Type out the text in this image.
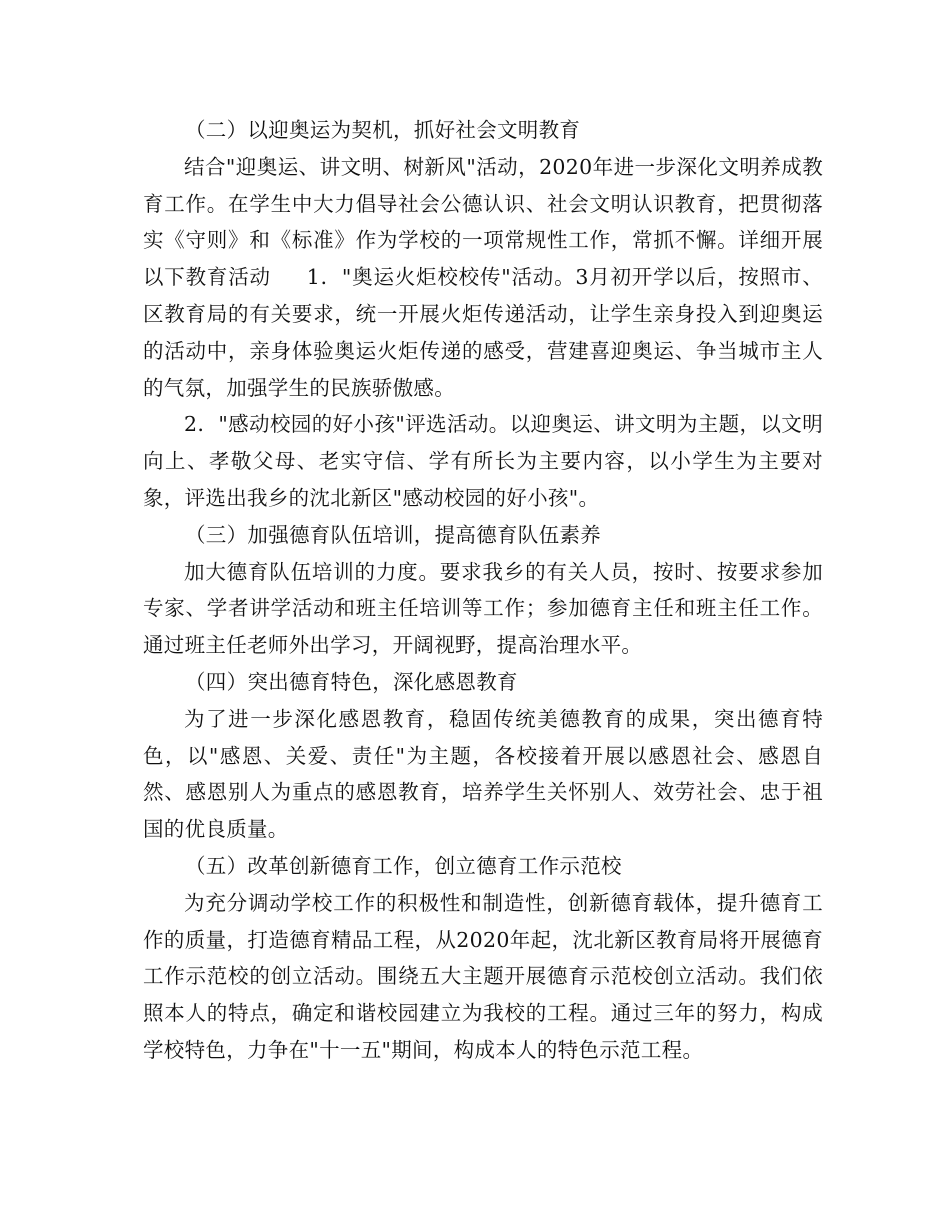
（二）以迎奥运为契机，抓好社会文明教育

结合"迎奥运、讲文明、树新风"活动，2020年进一步深化文明养成教育工作。在学生中大力倡导社会公德认识、社会文明认识教育，把贯彻落实《守则》和《标准》作为学校的一项常规性工作，常抓不懈。详细开展以下教育活动 1．"奥运火炬校校传"活动。3月初开学以后，按照市、区教育局的有关要求，统一开展火炬传递活动，让学生亲身投入到迎奥运的活动中，亲身体验奥运火炬传递的感受，营建喜迎奥运、争当城市主人的气氛，加强学生的民族骄傲感。

2．"感动校园的好小孩"评选活动。以迎奥运、讲文明为主题，以文明向上、孝敬父母、老实守信、学有所长为主要内容，以小学生为主要对象，评选出我乡的沈北新区"感动校园的好小孩"。

（三）加强德育队伍培训，提高德育队伍素养

加大德育队伍培训的力度。要求我乡的有关人员，按时、按要求参加专家、学者讲学活动和班主任培训等工作；参加德育主任和班主任工作。通过班主任老师外出学习，开阔视野，提高治理水平。

（四）突出德育特色，深化感恩教育

为了进一步深化感恩教育，稳固传统美德教育的成果，突出德育特色，以"感恩、关爱、责任"为主题，各校接着开展以感恩社会、感恩自然、感恩别人为重点的感恩教育，培养学生关怀别人、效劳社会、忠于祖国的优良质量。

（五）改革创新德育工作，创立德育工作示范校

为充分调动学校工作的积极性和制造性，创新德育载体，提升德育工作的质量，打造德育精品工程，从2020年起，沈北新区教育局将开展德育工作示范校的创立活动。围绕五大主题开展德育示范校创立活动。我们依照本人的特点，确定和谐校园建立为我校的工程。通过三年的努力，构成学校特色，力争在"十一五"期间，构成本人的特色示范工程。
